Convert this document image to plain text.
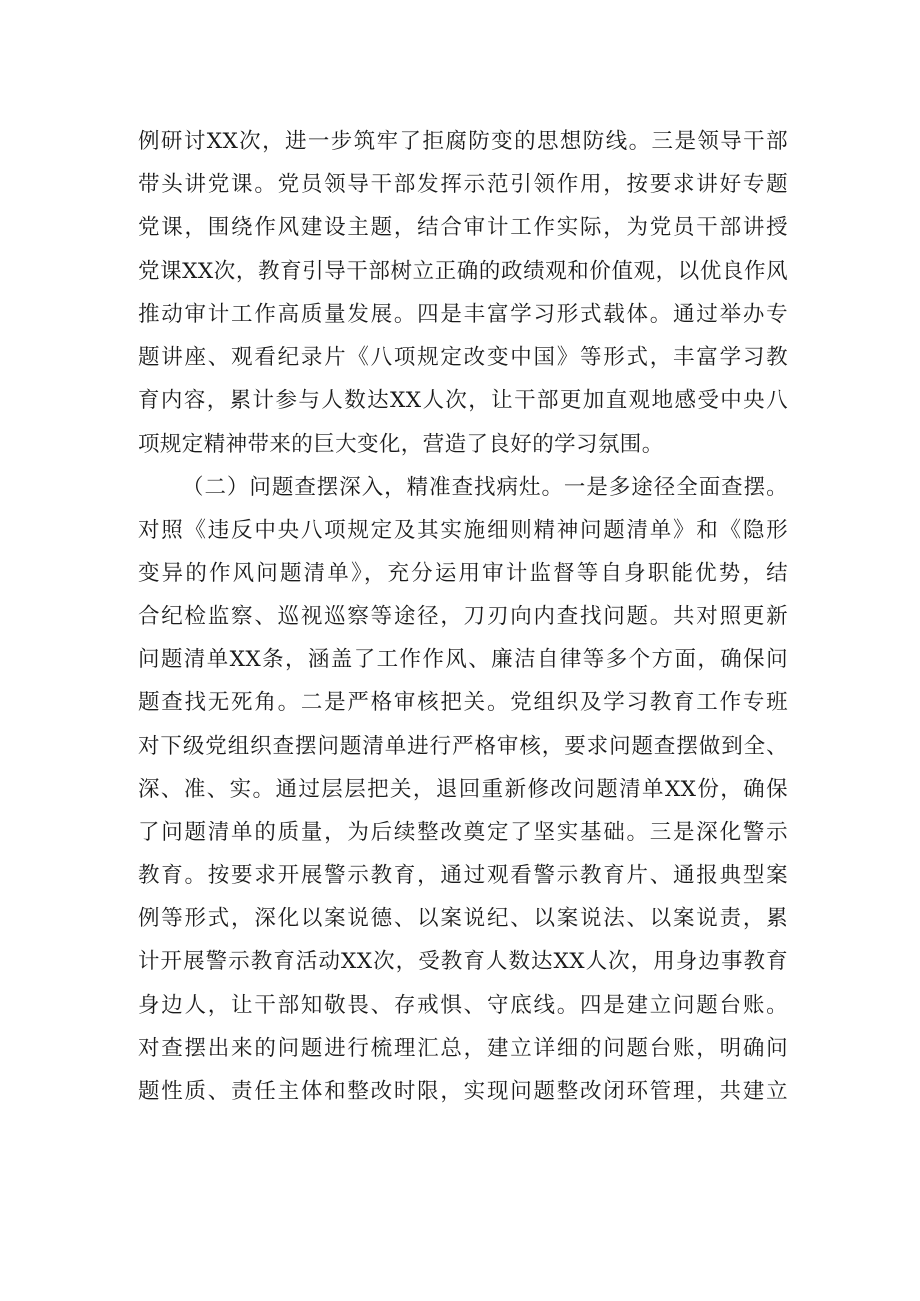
例研讨XX次，进一步筑牢了拒腐防变的思想防线。三是领导干部
带头讲党课。党员领导干部发挥示范引领作用，按要求讲好专题
党课，围绕作风建设主题，结合审计工作实际，为党员干部讲授
党课XX次，教育引导干部树立正确的政绩观和价值观，以优良作风
推动审计工作高质量发展。四是丰富学习形式载体。通过举办专
题讲座、观看纪录片《八项规定改变中国》等形式，丰富学习教
育内容，累计参与人数达XX人次，让干部更加直观地感受中央八
项规定精神带来的巨大变化，营造了良好的学习氛围。
（二）问题查摆深入，精准查找病灶。一是多途径全面查摆。
对照《违反中央八项规定及其实施细则精神问题清单》和《隐形
变异的作风问题清单》，充分运用审计监督等自身职能优势，结
合纪检监察、巡视巡察等途径，刀刃向内查找问题。共对照更新
问题清单XX条，涵盖了工作作风、廉洁自律等多个方面，确保问
题查找无死角。二是严格审核把关。党组织及学习教育工作专班
对下级党组织查摆问题清单进行严格审核，要求问题查摆做到全、
深、准、实。通过层层把关，退回重新修改问题清单XX份，确保
了问题清单的质量，为后续整改奠定了坚实基础。三是深化警示
教育。按要求开展警示教育，通过观看警示教育片、通报典型案
例等形式，深化以案说德、以案说纪、以案说法、以案说责，累
计开展警示教育活动XX次，受教育人数达XX人次，用身边事教育
身边人，让干部知敬畏、存戒惧、守底线。四是建立问题台账。
对查摆出来的问题进行梳理汇总，建立详细的问题台账，明确问
题性质、责任主体和整改时限，实现问题整改闭环管理，共建立
